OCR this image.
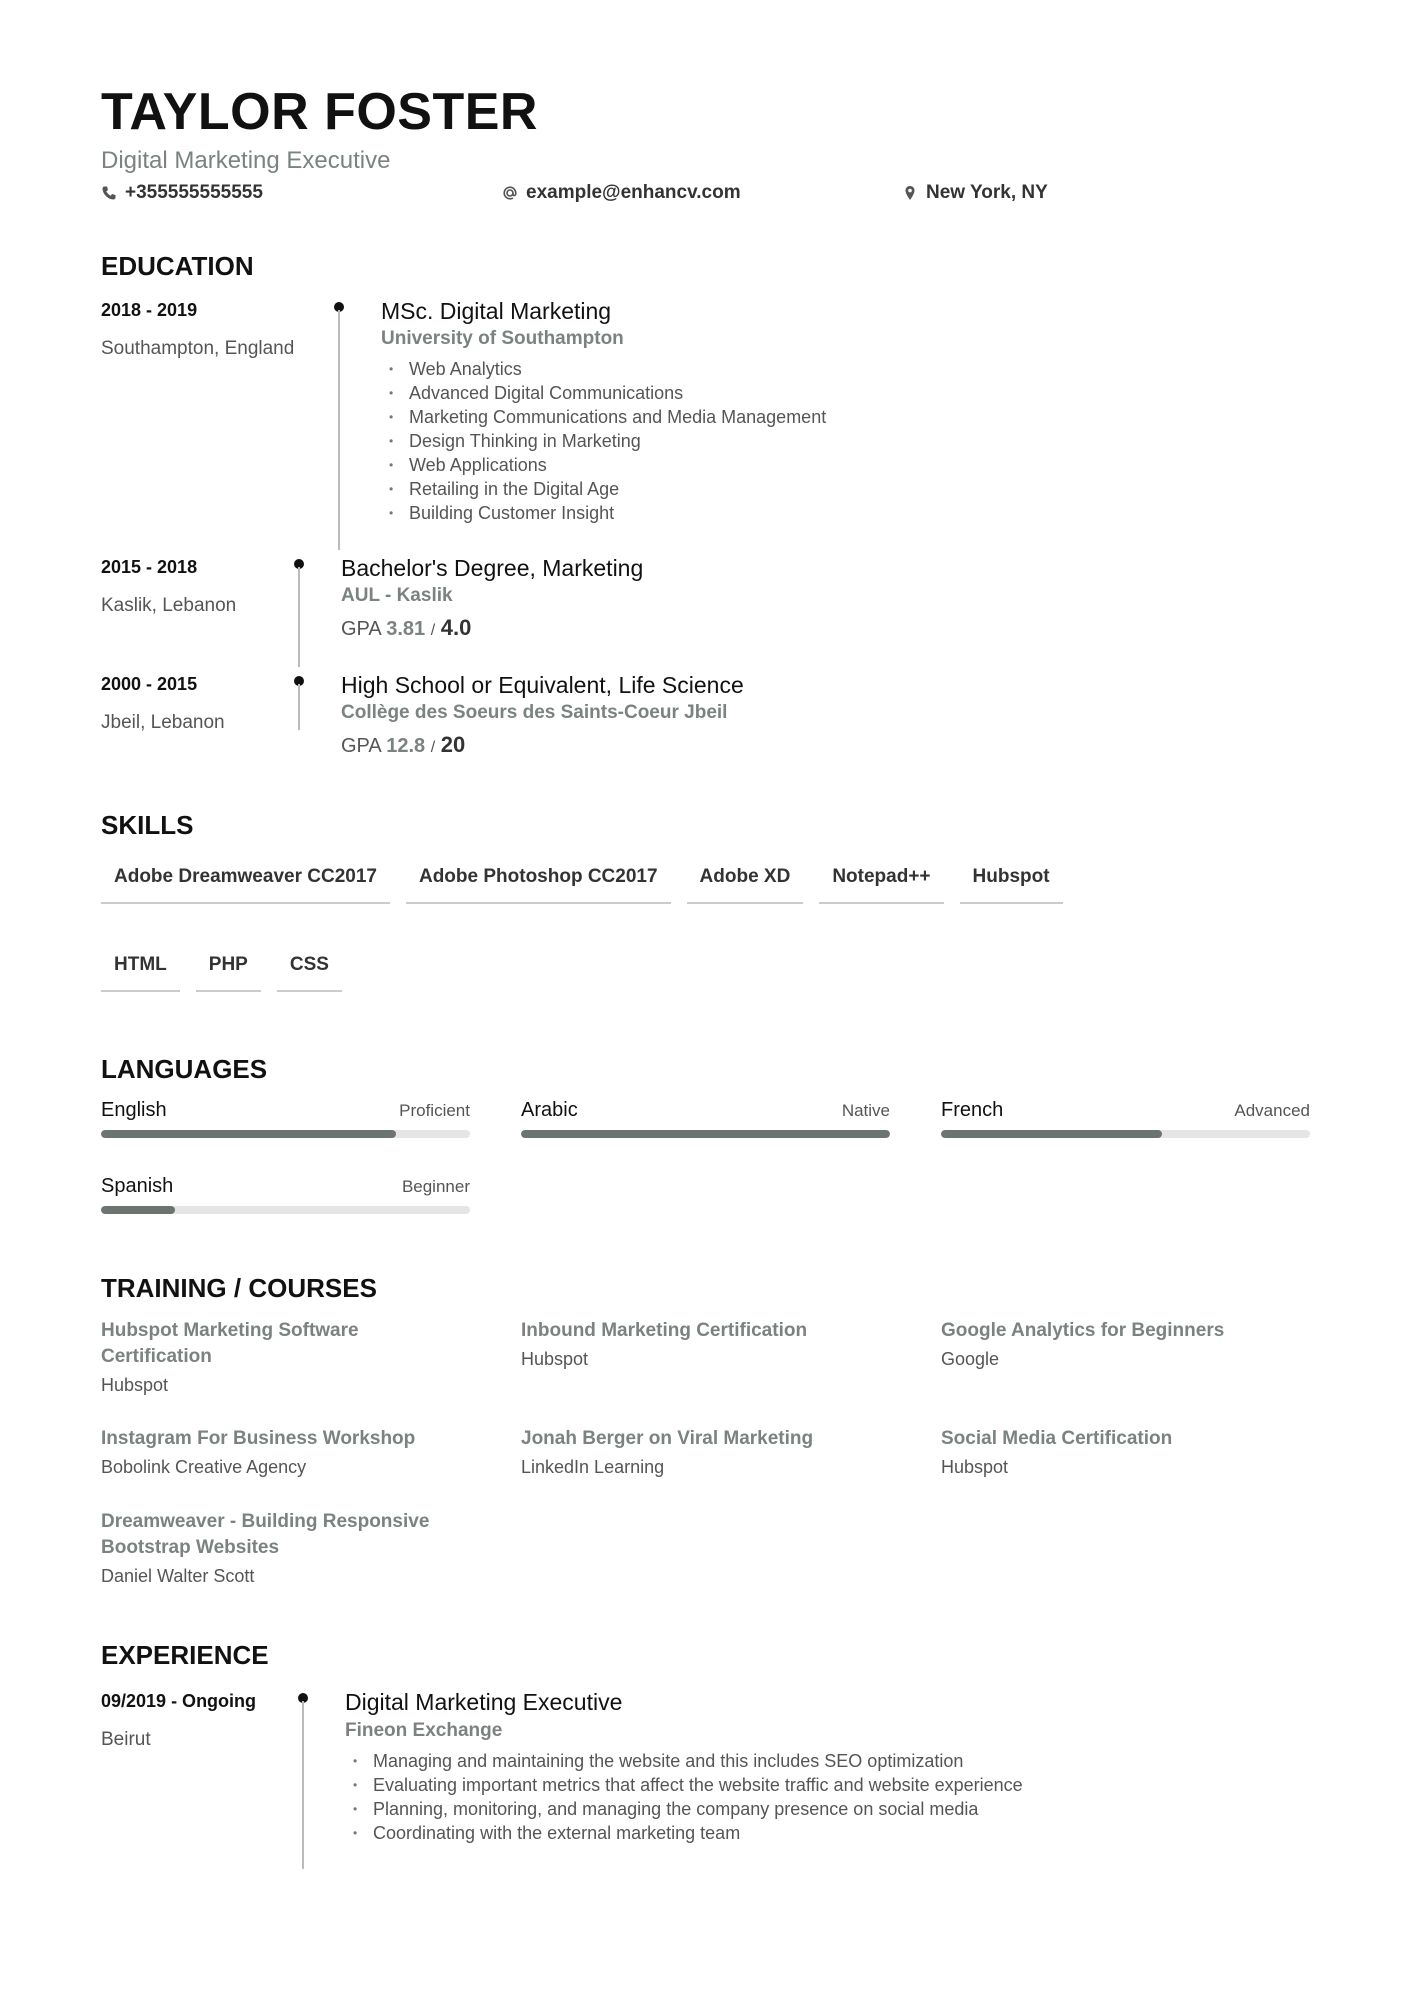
TAYLOR FOSTER
Digital Marketing Executive
+355555555555	example@enhancv.com	New York, NY
EDUCATION
2018 - 2019
Southampton, England
MSc. Digital Marketing
University of Southampton
• Web Analytics
• Advanced Digital Communications
• Marketing Communications and Media Management
• Design Thinking in Marketing
• Web Applications
• Retailing in the Digital Age
• Building Customer Insight
2015 - 2018
Kaslik, Lebanon
Bachelor's Degree, Marketing
AUL - Kaslik
GPA 3.81 / 4.0
2000 - 2015
Jbeil, Lebanon
High School or Equivalent, Life Science
Collège des Soeurs des Saints-Coeur Jbeil
GPA 12.8 / 20
SKILLS
Adobe Dreamweaver CC2017	Adobe Photoshop CC2017	Adobe XD	Notepad++	Hubspot
HTML	PHP	CSS
LANGUAGES
English	Proficient	Arabic	Native	French	Advanced
Spanish	Beginner
TRAINING / COURSES
Hubspot Marketing Software Certification
Hubspot
Inbound Marketing Certification
Hubspot
Google Analytics for Beginners
Google
Instagram For Business Workshop
Bobolink Creative Agency
Jonah Berger on Viral Marketing
LinkedIn Learning
Social Media Certification
Hubspot
Dreamweaver - Building Responsive Bootstrap Websites
Daniel Walter Scott
EXPERIENCE
09/2019 - Ongoing
Beirut
Digital Marketing Executive
Fineon Exchange
• Managing and maintaining the website and this includes SEO optimization
• Evaluating important metrics that affect the website traffic and website experience
• Planning, monitoring, and managing the company presence on social media
• Coordinating with the external marketing team
